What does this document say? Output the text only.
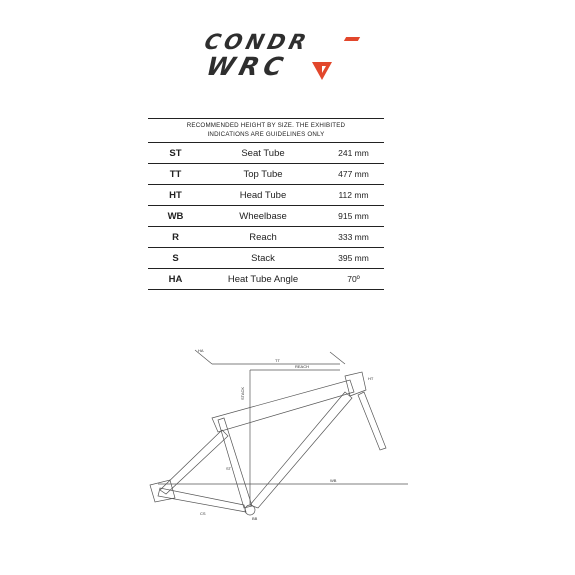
CONDR
WRC
RECOMMENDED HEIGHT BY SIZE. THE EXHIBITED INDICATIONS ARE GUIDELINES ONLY
ST	Seat Tube	241 mm
TT	Top Tube	477 mm
HT	Head Tube	112 mm
WB	Wheelbase	915 mm
R	Reach	333 mm
S	Stack	395 mm
HA	Heat Tube Angle	70º
TT
REACH
STACK
ST
WB
HT
HA
CS
BB
